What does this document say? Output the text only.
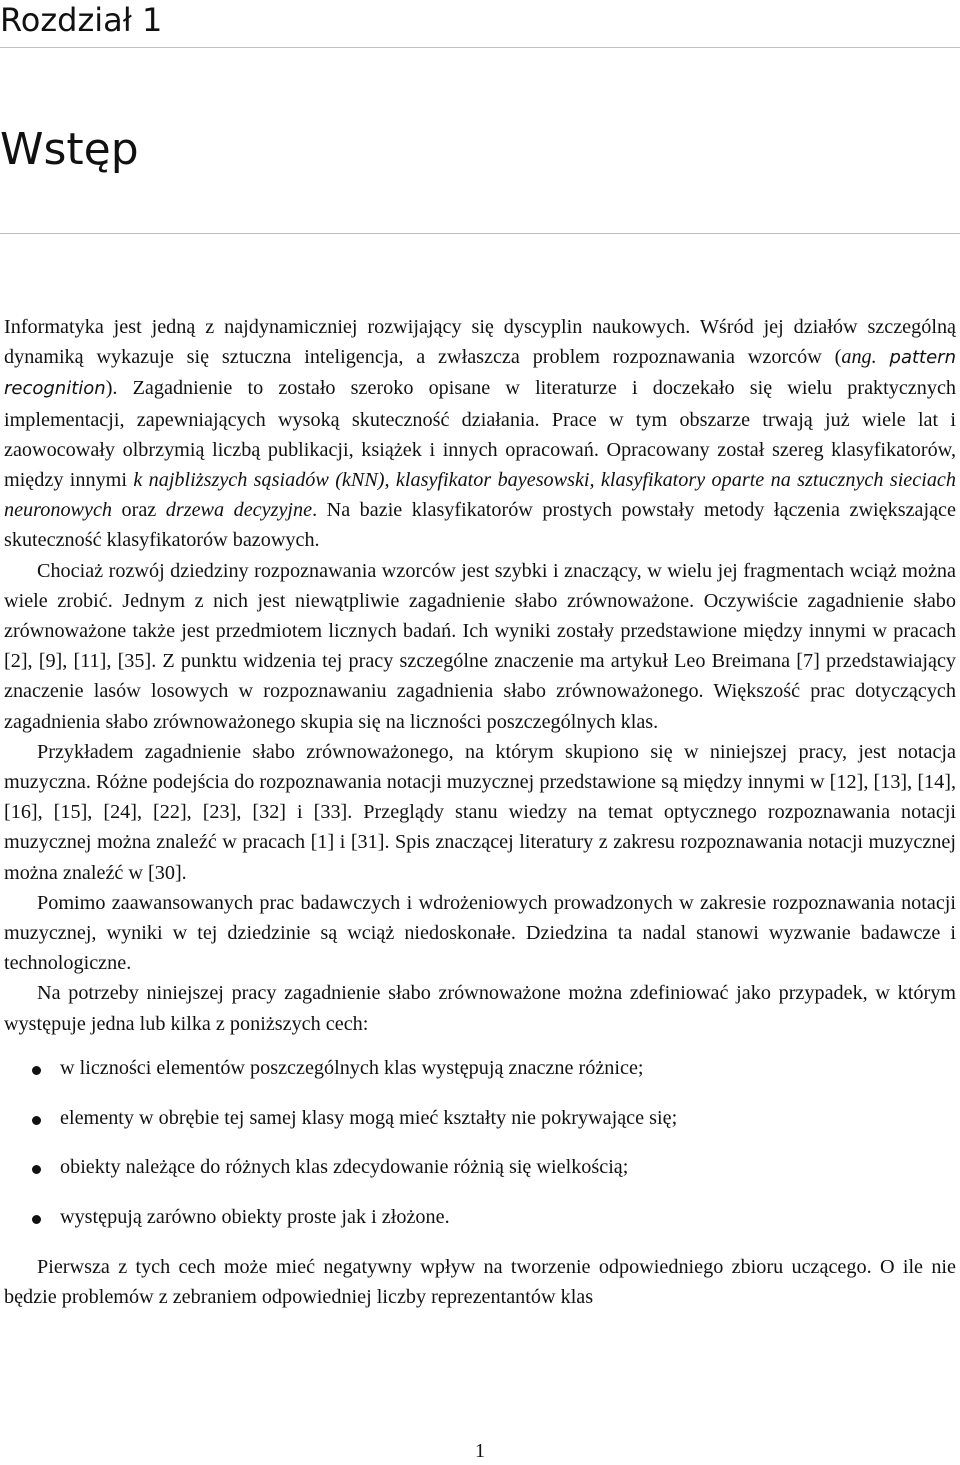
Rozdział 1
Wstęp

Informatyka jest jedną z najdynamiczniej rozwijający się dyscyplin naukowych. Wśród jej działów szczególną dynamiką wykazuje się sztuczna inteligencja, a zwłaszcza problem rozpoznawania wzorców (ang. pattern recognition). Zagadnienie to zostało szeroko opisane w literaturze i doczekało się wielu praktycznych implementacji, zapewniających wysoką skuteczność działania. Prace w tym obszarze trwają już wiele lat i zaowocowały olbrzymią liczbą publikacji, książek i innych opracowań. Opracowany został szereg klasyfikatorów, między innymi k najbliższych sąsiadów (kNN), klasyfikator bayesowski, klasyfikatory oparte na sztucznych sieciach neuronowych oraz drzewa decyzyjne. Na bazie klasyfikatorów prostych powstały metody łączenia zwiększające skuteczność klasyfikatorów bazowych.

Chociaż rozwój dziedziny rozpoznawania wzorców jest szybki i znaczący, w wielu jej fragmentach wciąż można wiele zrobić. Jednym z nich jest niewątpliwie zagadnienie słabo zrównoważone. Oczywiście zagadnienie słabo zrównoważone także jest przedmiotem licznych badań. Ich wyniki zostały przedstawione między innymi w pracach [2], [9], [11], [35]. Z punktu widzenia tej pracy szczególne znaczenie ma artykuł Leo Breimana [7] przedstawiający znaczenie lasów losowych w rozpoznawaniu zagadnienia słabo zrównoważonego. Większość prac dotyczących zagadnienia słabo zrównoważonego skupia się na liczności poszczególnych klas.

Przykładem zagadnienie słabo zrównoważonego, na którym skupiono się w niniejszej pracy, jest notacja muzyczna. Różne podejścia do rozpoznawania notacji muzycznej przedstawione są między innymi w [12], [13], [14], [16], [15], [24], [22], [23], [32] i [33]. Przeglądy stanu wiedzy na temat optycznego rozpoznawania notacji muzycznej można znaleźć w pracach [1] i [31]. Spis znaczącej literatury z zakresu rozpoznawania notacji muzycznej można znaleźć w [30].

Pomimo zaawansowanych prac badawczych i wdrożeniowych prowadzonych w zakresie rozpoznawania notacji muzycznej, wyniki w tej dziedzinie są wciąż niedoskonałe. Dziedzina ta nadal stanowi wyzwanie badawcze i technologiczne.

Na potrzeby niniejszej pracy zagadnienie słabo zrównoważone można zdefiniować jako przypadek, w którym występuje jedna lub kilka z poniższych cech:

w liczności elementów poszczególnych klas występują znaczne różnice;
elementy w obrębie tej samej klasy mogą mieć kształty nie pokrywające się;
obiekty należące do różnych klas zdecydowanie różnią się wielkością;
występują zarówno obiekty proste jak i złożone.

Pierwsza z tych cech może mieć negatywny wpływ na tworzenie odpowiedniego zbioru uczącego. O ile nie będzie problemów z zebraniem odpowiedniej liczby reprezentantów klas

1
